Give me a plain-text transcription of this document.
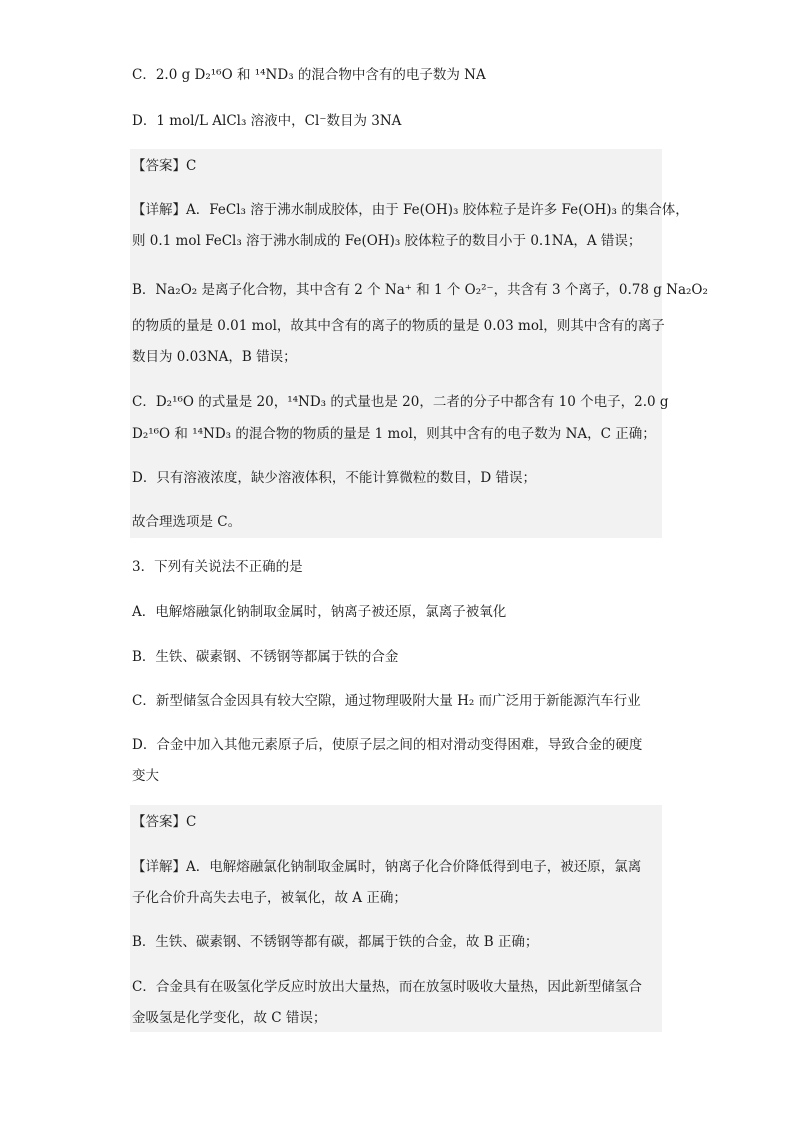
C．2.0 g D₂¹⁶O 和 ¹⁴ND₃ 的混合物中含有的电子数为 NA
D．1 mol/L AlCl₃ 溶液中，Cl⁻数目为 3NA
【答案】C
【详解】A．FeCl₃ 溶于沸水制成胶体，由于 Fe(OH)₃ 胶体粒子是许多 Fe(OH)₃ 的集合体，
则 0.1 mol FeCl₃ 溶于沸水制成的 Fe(OH)₃ 胶体粒子的数目小于 0.1NA，A 错误；
B．Na₂O₂ 是离子化合物，其中含有 2 个 Na⁺ 和 1 个 O₂²⁻，共含有 3 个离子，0.78 g Na₂O₂
的物质的量是 0.01 mol，故其中含有的离子的物质的量是 0.03 mol，则其中含有的离子
数目为 0.03NA，B 错误；
C．D₂¹⁶O 的式量是 20，¹⁴ND₃ 的式量也是 20，二者的分子中都含有 10 个电子，2.0 g
D₂¹⁶O 和 ¹⁴ND₃ 的混合物的物质的量是 1 mol，则其中含有的电子数为 NA，C 正确；
D．只有溶液浓度，缺少溶液体积，不能计算微粒的数目，D 错误；
故合理选项是 C。
3．下列有关说法不正确的是
A．电解熔融氯化钠制取金属时，钠离子被还原，氯离子被氧化
B．生铁、碳素钢、不锈钢等都属于铁的合金
C．新型储氢合金因具有较大空隙，通过物理吸附大量 H₂ 而广泛用于新能源汽车行业
D．合金中加入其他元素原子后，使原子层之间的相对滑动变得困难，导致合金的硬度
变大
【答案】C
【详解】A．电解熔融氯化钠制取金属时，钠离子化合价降低得到电子，被还原，氯离
子化合价升高失去电子，被氧化，故 A 正确；
B．生铁、碳素钢、不锈钢等都有碳，都属于铁的合金，故 B 正确；
C．合金具有在吸氢化学反应时放出大量热，而在放氢时吸收大量热，因此新型储氢合
金吸氢是化学变化，故 C 错误；
